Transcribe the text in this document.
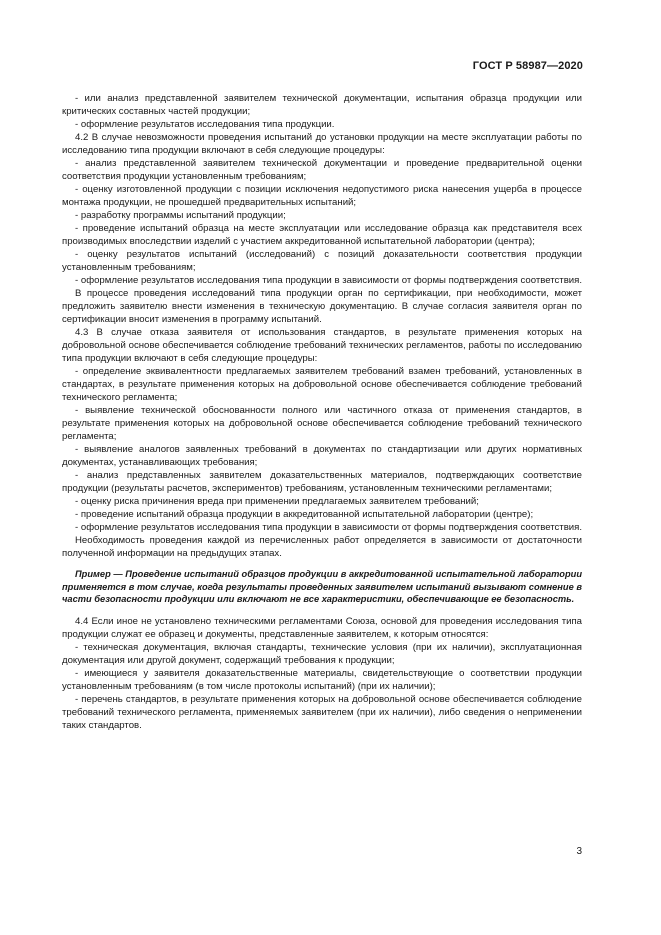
ГОСТ Р 58987—2020

- или анализ представленной заявителем технической документации, испытания образца продукции или критических составных частей продукции;

- оформление результатов исследования типа продукции.

4.2 В случае невозможности проведения испытаний до установки продукции на месте эксплуатации работы по исследованию типа продукции включают в себя следующие процедуры:

- анализ представленной заявителем технической документации и проведение предварительной оценки соответствия продукции установленным требованиям;

- оценку изготовленной продукции с позиции исключения недопустимого риска нанесения ущерба в процессе монтажа продукции, не прошедшей предварительных испытаний;

- разработку программы испытаний продукции;

- проведение испытаний образца на месте эксплуатации или исследование образца как представителя всех производимых впоследствии изделий с участием аккредитованной испытательной лаборатории (центра);

- оценку результатов испытаний (исследований) с позиций доказательности соответствия продукции установленным требованиям;

- оформление результатов исследования типа продукции в зависимости от формы подтверждения соответствия.

В процессе проведения исследований типа продукции орган по сертификации, при необходимости, может предложить заявителю внести изменения в техническую документацию. В случае согласия заявителя орган по сертификации вносит изменения в программу испытаний.

4.3 В случае отказа заявителя от использования стандартов, в результате применения которых на добровольной основе обеспечивается соблюдение требований технических регламентов, работы по исследованию типа продукции включают в себя следующие процедуры:

- определение эквивалентности предлагаемых заявителем требований взамен требований, установленных в стандартах, в результате применения которых на добровольной основе обеспечивается соблюдение требований технического регламента;

- выявление технической обоснованности полного или частичного отказа от применения стандартов, в результате применения которых на добровольной основе обеспечивается соблюдение требований технического регламента;

- выявление аналогов заявленных требований в документах по стандартизации или других нормативных документах, устанавливающих требования;

- анализ представленных заявителем доказательственных материалов, подтверждающих соответствие продукции (результаты расчетов, экспериментов) требованиям, установленным техническими регламентами;

- оценку риска причинения вреда при применении предлагаемых заявителем требований;

- проведение испытаний образца продукции в аккредитованной испытательной лаборатории (центре);

- оформление результатов исследования типа продукции в зависимости от формы подтверждения соответствия.

Необходимость проведения каждой из перечисленных работ определяется в зависимости от достаточности полученной информации на предыдущих этапах.

Пример — Проведение испытаний образцов продукции в аккредитованной испытательной лаборатории применяется в том случае, когда результаты проведенных заявителем испытаний вызывают сомнение в части безопасности продукции или включают не все характеристики, обеспечивающие ее безопасность.

4.4 Если иное не установлено техническими регламентами Союза, основой для проведения исследования типа продукции служат ее образец и документы, представленные заявителем, к которым относятся:

- техническая документация, включая стандарты, технические условия (при их наличии), эксплуатационная документация или другой документ, содержащий требования к продукции;

- имеющиеся у заявителя доказательственные материалы, свидетельствующие о соответствии продукции установленным требованиям (в том числе протоколы испытаний) (при их наличии);

- перечень стандартов, в результате применения которых на добровольной основе обеспечивается соблюдение требований технического регламента, применяемых заявителем (при их наличии), либо сведения о неприменении таких стандартов.

3
